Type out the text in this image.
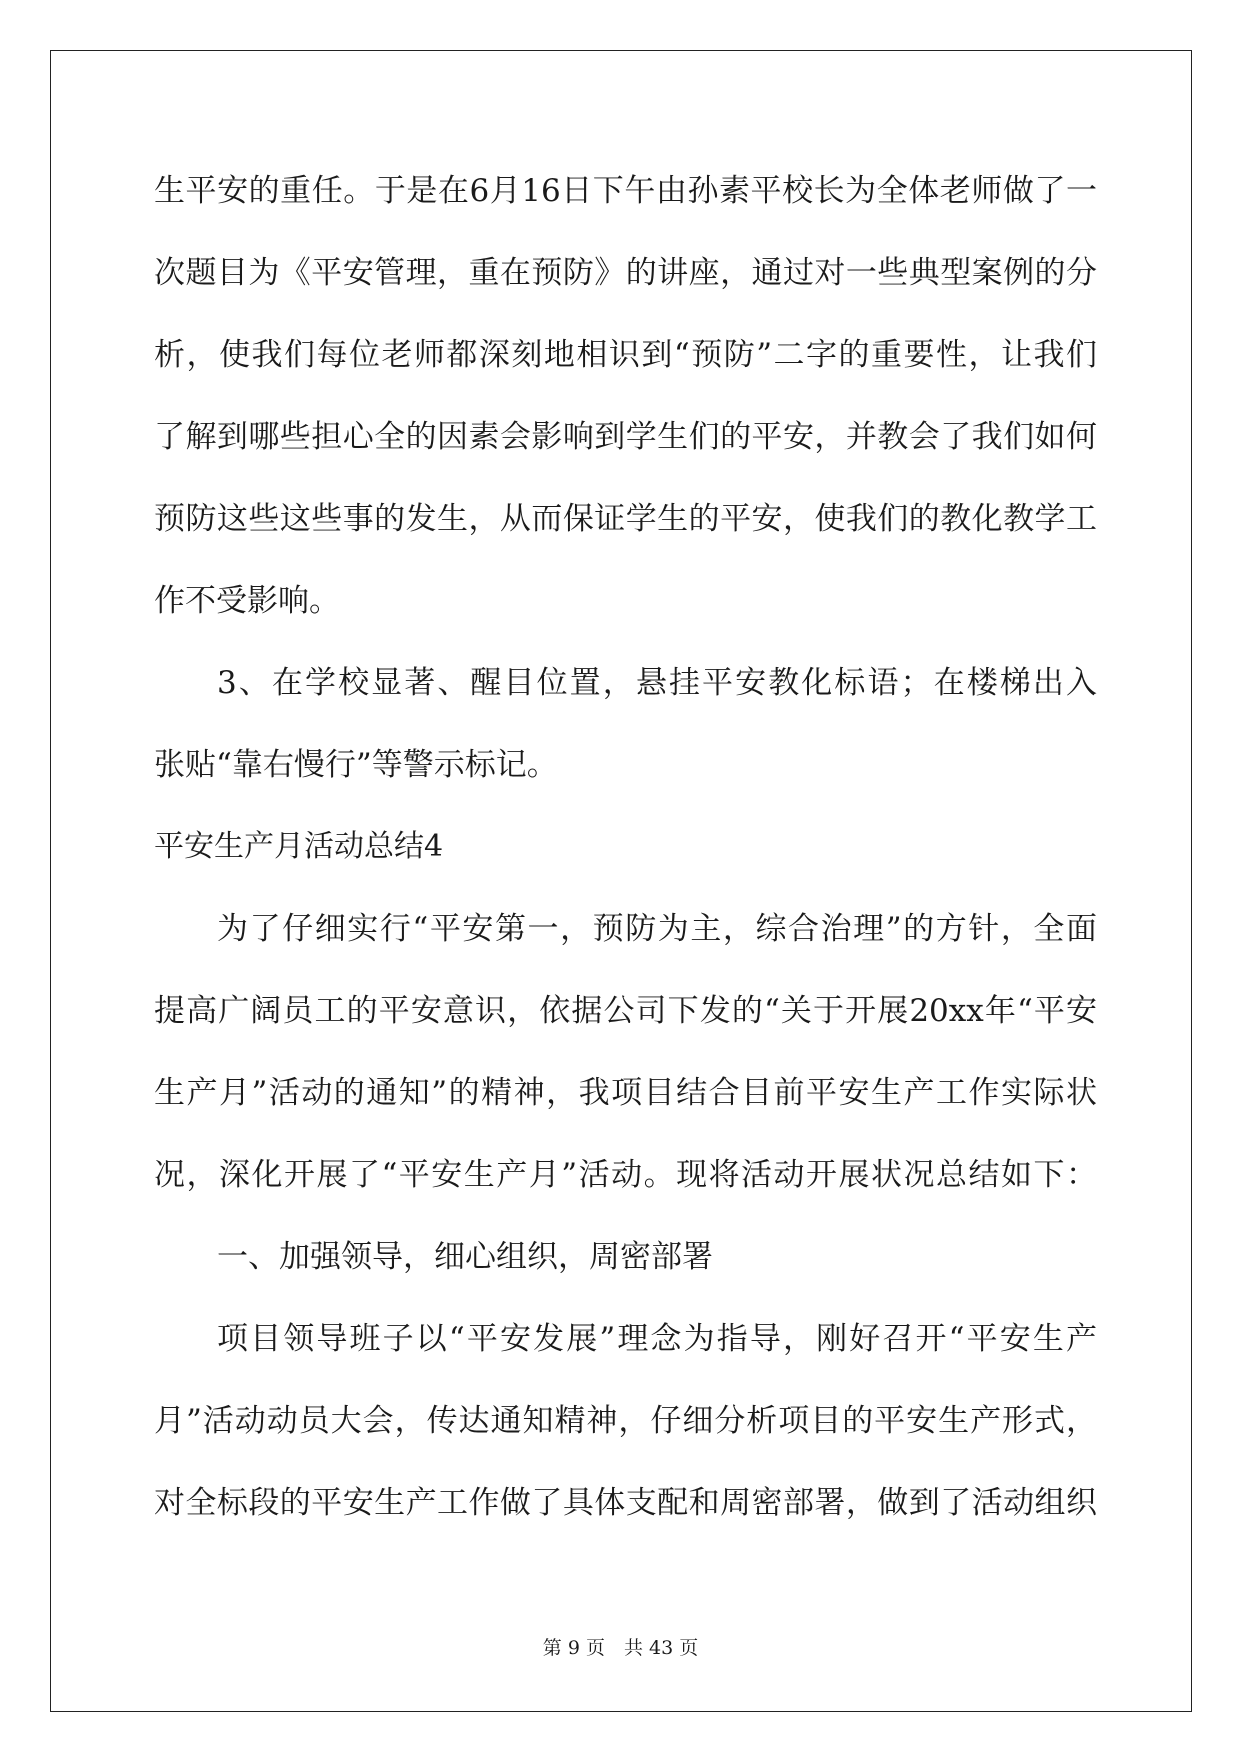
生平安的重任。于是在6月16日下午由孙素平校长为全体老师做了一
次题目为《平安管理，重在预防》的讲座，通过对一些典型案例的分
析，使我们每位老师都深刻地相识到“预防”二字的重要性，让我们
了解到哪些担心全的因素会影响到学生们的平安，并教会了我们如何
预防这些这些事的发生，从而保证学生的平安，使我们的教化教学工
作不受影响。
3、在学校显著、醒目位置，悬挂平安教化标语；在楼梯出入
张贴“靠右慢行”等警示标记。
平安生产月活动总结4
为了仔细实行“平安第一，预防为主，综合治理”的方针，全面
提高广阔员工的平安意识，依据公司下发的“关于开展20xx年“平安
生产月”活动的通知”的精神，我项目结合目前平安生产工作实际状
况，深化开展了“平安生产月”活动。现将活动开展状况总结如下：
一、加强领导，细心组织，周密部署
项目领导班子以“平安发展”理念为指导，刚好召开“平安生产
月”活动动员大会，传达通知精神，仔细分析项目的平安生产形式，
对全标段的平安生产工作做了具体支配和周密部署，做到了活动组织
第 9 页　共 43 页
